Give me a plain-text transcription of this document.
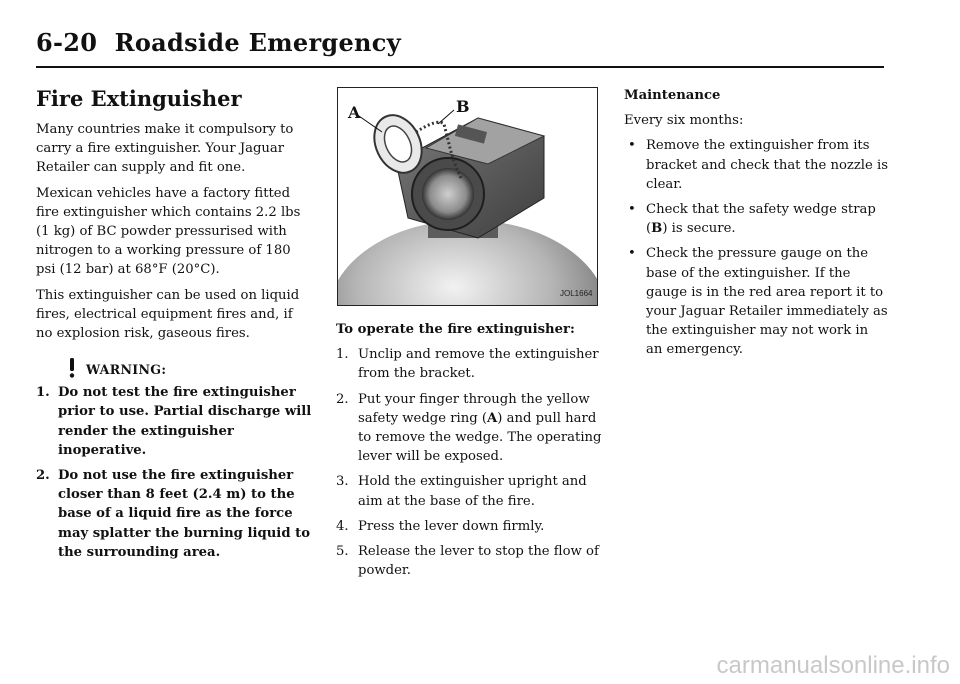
6-20 Roadside Emergency
Fire Extinguisher

Many countries make it compulsory to carry a fire extinguisher. Your Jaguar Retailer can supply and fit one.

Mexican vehicles have a factory fitted fire extinguisher which contains 2.2 lbs (1 kg) of BC powder pressurised with nitrogen to a working pressure of 180 psi (12 bar) at 68°F (20°C).

This extinguisher can be used on liquid fires, electrical equipment fires and, if no explosion risk, gaseous fires.

WARNING:
1. Do not test the fire extinguisher prior to use. Partial discharge will render the extinguisher inoperative.
2. Do not use the fire extinguisher closer than 8 feet (2.4 m) to the base of a liquid fire as the force may splatter the burning liquid to the surrounding area.
A	B
JOL1664

To operate the fire extinguisher:

1. Unclip and remove the extinguisher from the bracket.
2. Put your finger through the yellow safety wedge ring (A) and pull hard to remove the wedge. The operating lever will be exposed.
3. Hold the extinguisher upright and aim at the base of the fire.
4. Press the lever down firmly.
5. Release the lever to stop the flow of powder.

Maintenance

Every six months:

• Remove the extinguisher from its bracket and check that the nozzle is clear.
• Check that the safety wedge strap (B) is secure.
• Check the pressure gauge on the base of the extinguisher. If the gauge is in the red area report it to your Jaguar Retailer immediately as the extinguisher may not work in an emergency.
carmanualsonline.info
